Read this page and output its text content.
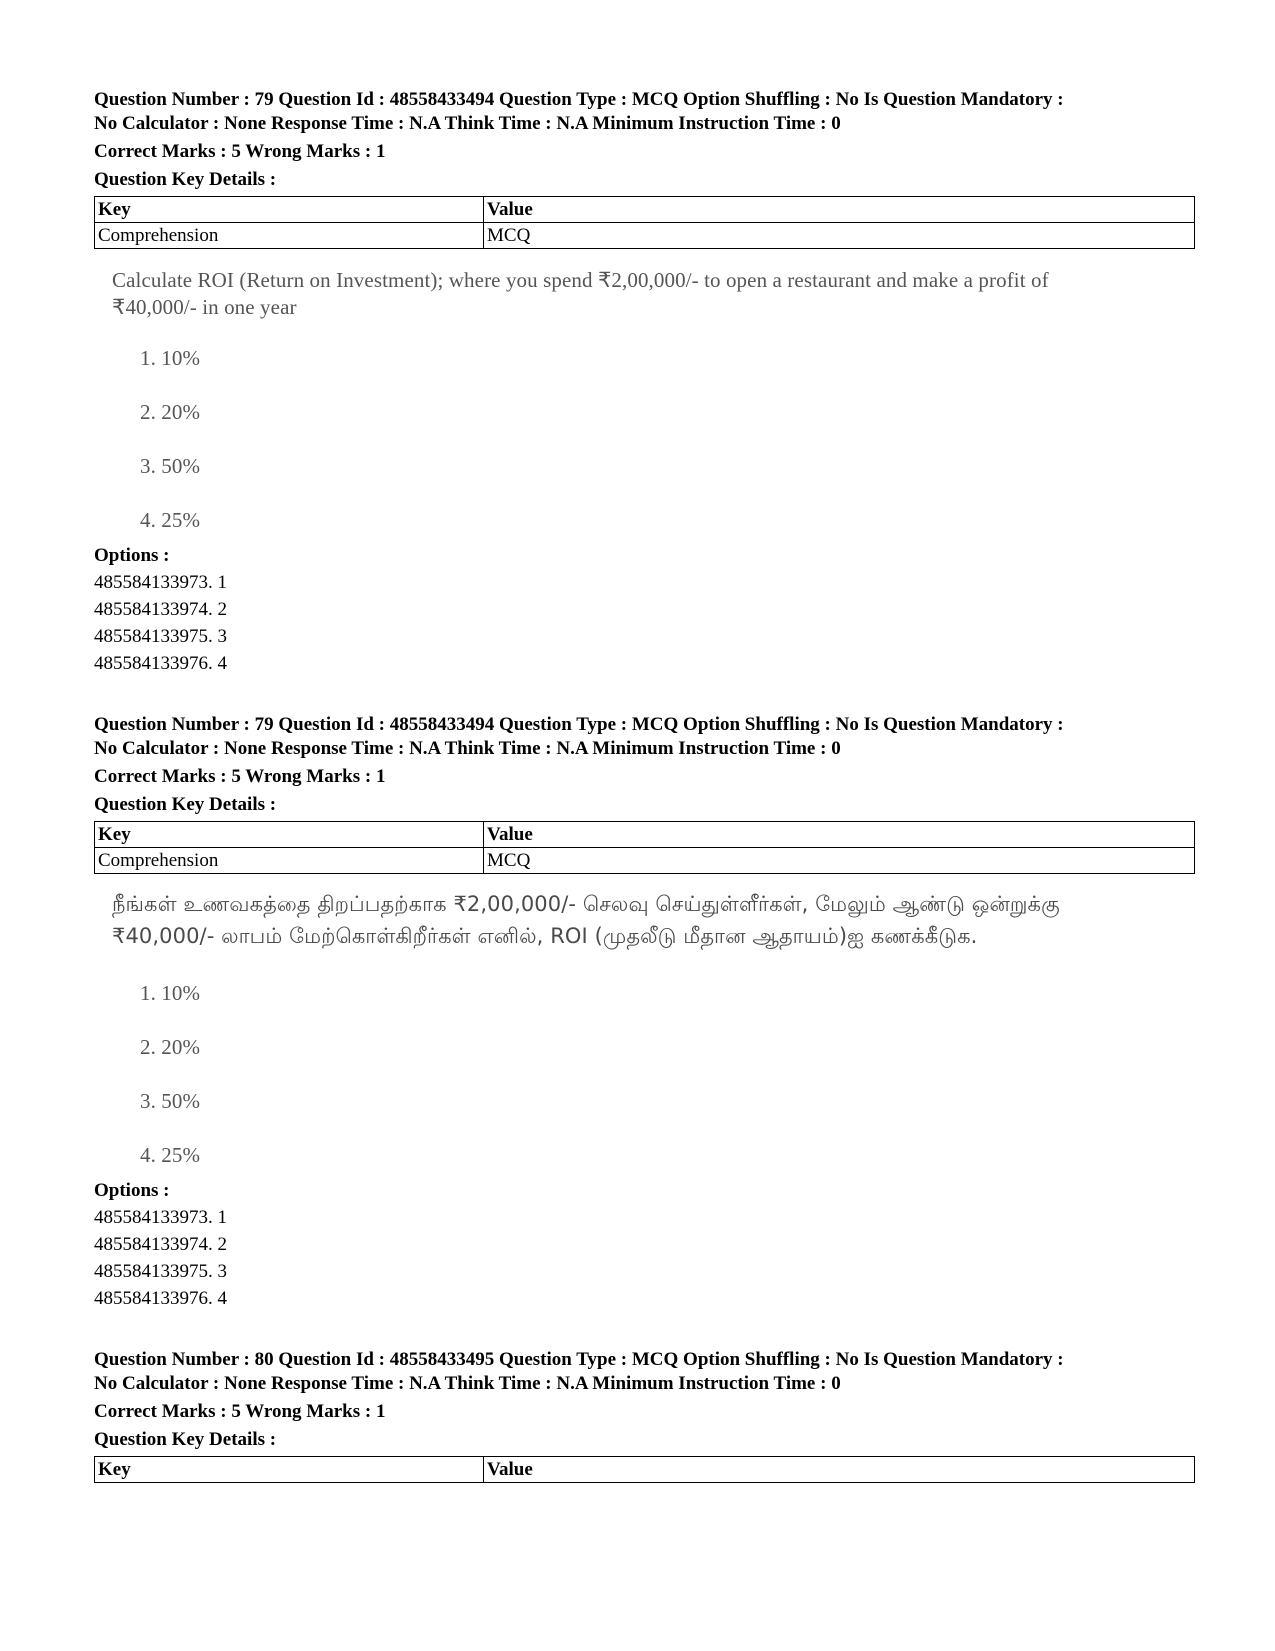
Question Number : 79 Question Id : 48558433494 Question Type : MCQ Option Shuffling : No Is Question Mandatory :
No Calculator : None Response Time : N.A Think Time : N.A Minimum Instruction Time : 0
Correct Marks : 5 Wrong Marks : 1
Question Key Details :
Key	Value
Comprehension	MCQ
Calculate ROI (Return on Investment); where you spend ₹2,00,000/- to open a restaurant and make a profit of ₹40,000/- in one year
1. 10%
2. 20%
3. 50%
4. 25%
Options :
485584133973. 1
485584133974. 2
485584133975. 3
485584133976. 4
Question Number : 79 Question Id : 48558433494 Question Type : MCQ Option Shuffling : No Is Question Mandatory :
No Calculator : None Response Time : N.A Think Time : N.A Minimum Instruction Time : 0
Correct Marks : 5 Wrong Marks : 1
Question Key Details :
Key	Value
Comprehension	MCQ
நீங்கள் உணவகத்தை திறப்பதற்காக ₹2,00,000/- செலவு செய்துள்ளீர்கள், மேலும் ஆண்டு ஒன்றுக்கு ₹40,000/- லாபம் மேற்கொள்கிறீர்கள் எனில், ROI (முதலீடு மீதான ஆதாயம்)ஐ கணக்கீடுக.
1. 10%
2. 20%
3. 50%
4. 25%
Options :
485584133973. 1
485584133974. 2
485584133975. 3
485584133976. 4
Question Number : 80 Question Id : 48558433495 Question Type : MCQ Option Shuffling : No Is Question Mandatory :
No Calculator : None Response Time : N.A Think Time : N.A Minimum Instruction Time : 0
Correct Marks : 5 Wrong Marks : 1
Question Key Details :
Key	Value
